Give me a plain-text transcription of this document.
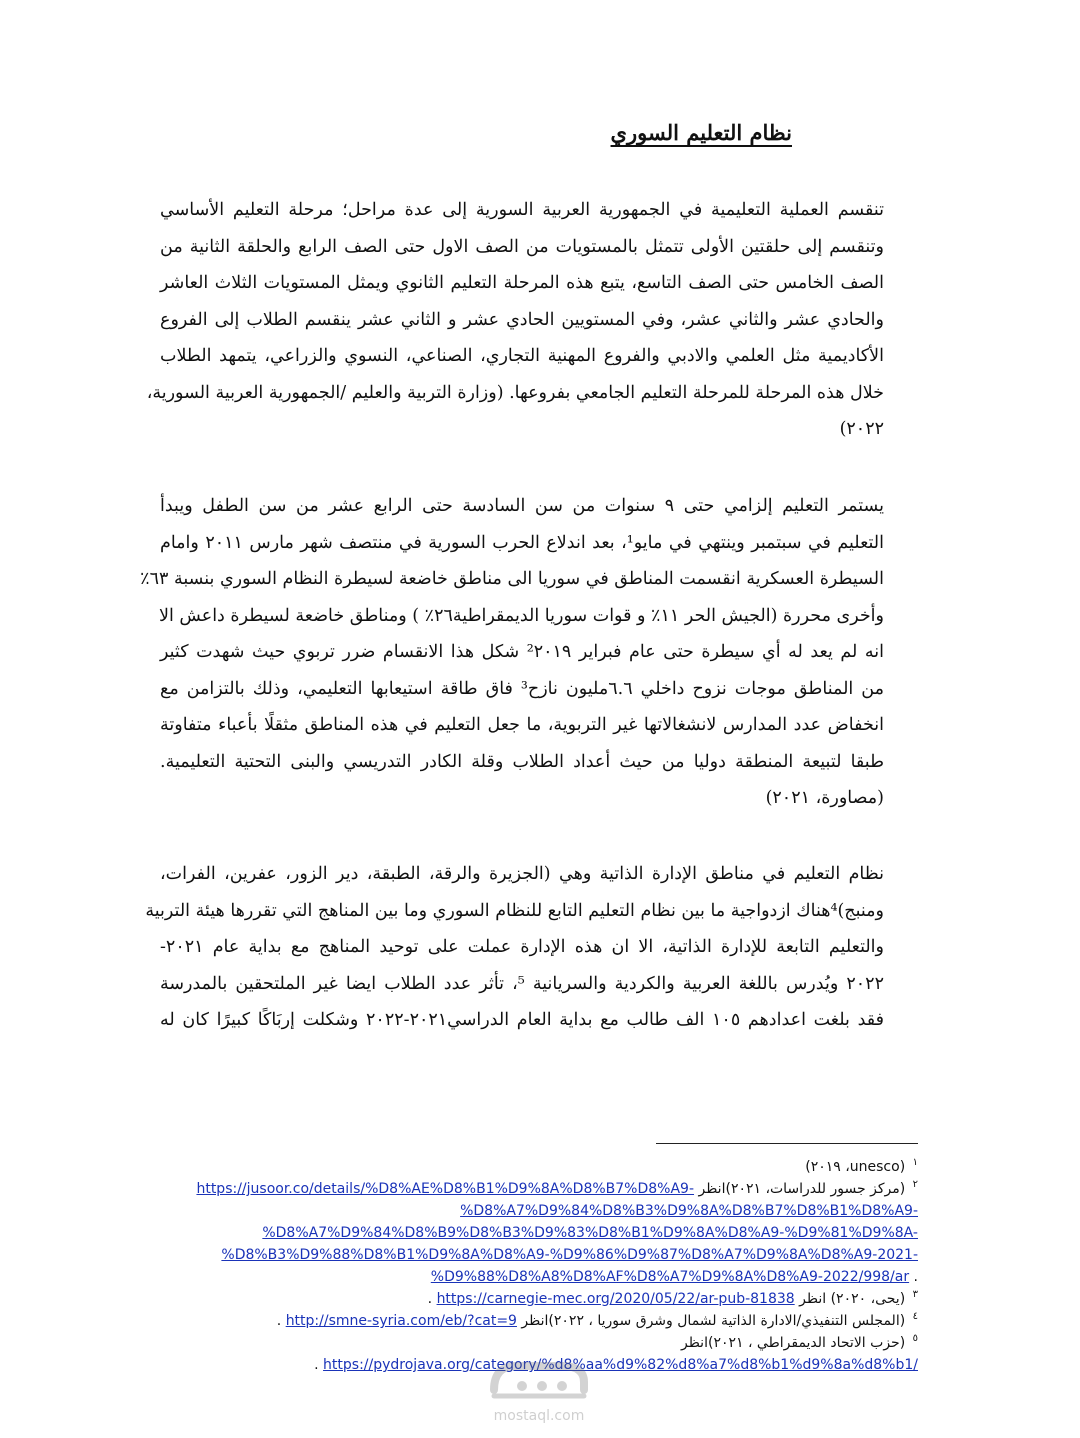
نظام التعليم السوري
تنقسم العملية التعليمية في الجمهورية العربية السورية إلى عدة مراحل؛ مرحلة التعليم الأساسي
وتنقسم إلى حلقتين الأولى تتمثل بالمستويات من الصف الاول حتى الصف الرابع والحلقة الثانية من
الصف الخامس حتى الصف التاسع، يتبع هذه المرحلة التعليم الثانوي ويمثل المستويات الثلاث العاشر
والحادي عشر والثاني عشر، وفي المستويين الحادي عشر و الثاني عشر ينقسم الطلاب إلى الفروع
الأكاديمية مثل العلمي والادبي والفروع المهنية التجاري، الصناعي، النسوي والزراعي، يتمهد الطلاب
خلال هذه المرحلة للمرحلة التعليم الجامعي بفروعها. (وزارة التربية والعليم /الجمهورية العربية السورية،
٢٠٢٢)
يستمر التعليم إلزامي حتى ٩ سنوات من سن السادسة حتى الرابع عشر من سن الطفل ويبدأ
التعليم في سبتمبر وينتهي في مايو¹، بعد اندلاع الحرب السورية في منتصف شهر مارس ٢٠١١ وامام
السيطرة العسكرية انقسمت المناطق في سوريا الى مناطق خاضعة لسيطرة النظام السوري بنسبة ٦٣٪
وأخرى محررة (الجيش الحر ١١٪ و قوات سوريا الديمقراطية٢٦٪ ) ومناطق خاضعة لسيطرة داعش الا
انه لم يعد له أي سيطرة حتى عام فبراير ²٢٠١٩ شكل هذا الانقسام ضرر تربوي حيث شهدت كثير
من المناطق موجات نزوح داخلي ٦.٦مليون نازح³ فاق طاقة استيعابها التعليمي، وذلك بالتزامن مع
انخفاض عدد المدارس لانشغالاتها غير التربوية، ما جعل التعليم في هذه المناطق مثقلًا بأعباء متفاوتة
طبقا لتبيعة المنطقة دوليا من حيث أعداد الطلاب وقلة الكادر التدريسي والبنى التحتية التعليمية.
(مصاورة، ٢٠٢١)
نظام التعليم في مناطق الإدارة الذاتية وهي (الجزيرة والرقة، الطبقة، دير الزور، عفرين، الفرات،
ومنبج)⁴هناك ازدواجية ما بين نظام التعليم التابع للنظام السوري وما بين المناهج التي تقررها هيئة التربية
والتعليم التابعة للإدارة الذاتية، الا ان هذه الإدارة عملت على توحيد المناهج مع بداية عام ٢٠٢١-
٢٠٢٢ ويُدرس باللغة العربية والكردية والسريانية ⁵، تأثر عدد الطلاب ايضا غير الملتحقين بالمدرسة
فقد بلغت اعدادهم ١٠٥ الف طالب مع بداية العام الدراسي٢٠٢١-٢٠٢٢ وشكلت إربَاكًا كبيرًا كان له
$^١$ (unesco، ٢٠١٩)
$^٢$ (مركز جسور للدراسات، ٢٠٢١)انظر https://jusoor.co/details/%D8%AE%D8%B1%D9%8A%D8%B7%D8%A9-
%D8%A7%D9%84%D8%B3%D9%8A%D8%B7%D8%B1%D8%A9-
%D8%A7%D9%84%D8%B9%D8%B3%D9%83%D8%B1%D9%8A%D8%A9-%D9%81%D9%8A-
%D8%B3%D9%88%D8%B1%D9%8A%D8%A9-%D9%86%D9%87%D8%A7%D9%8A%D8%A9-2021-
. %D9%88%D8%A8%D8%AF%D8%A7%D9%8A%D8%A9-2022/998/ar
$^٣$ (يحى، ٢٠٢٠) انظر https://carnegie-mec.org/2020/05/22/ar-pub-81838 .
$^٤$ (المجلس التنفيذي/الادارة الذاتية لشمال وشرق سوريا ، ٢٠٢٢)انظر http://smne-syria.com/eb/?cat=9 .
$^٥$ (حزب الاتحاد الديمقراطي ، ٢٠٢١)انظر
https://pydrojava.org/category/%d8%aa%d9%82%d8%a7%d8%b1%d9%8a%d8%b1/ .
mostaql.com
